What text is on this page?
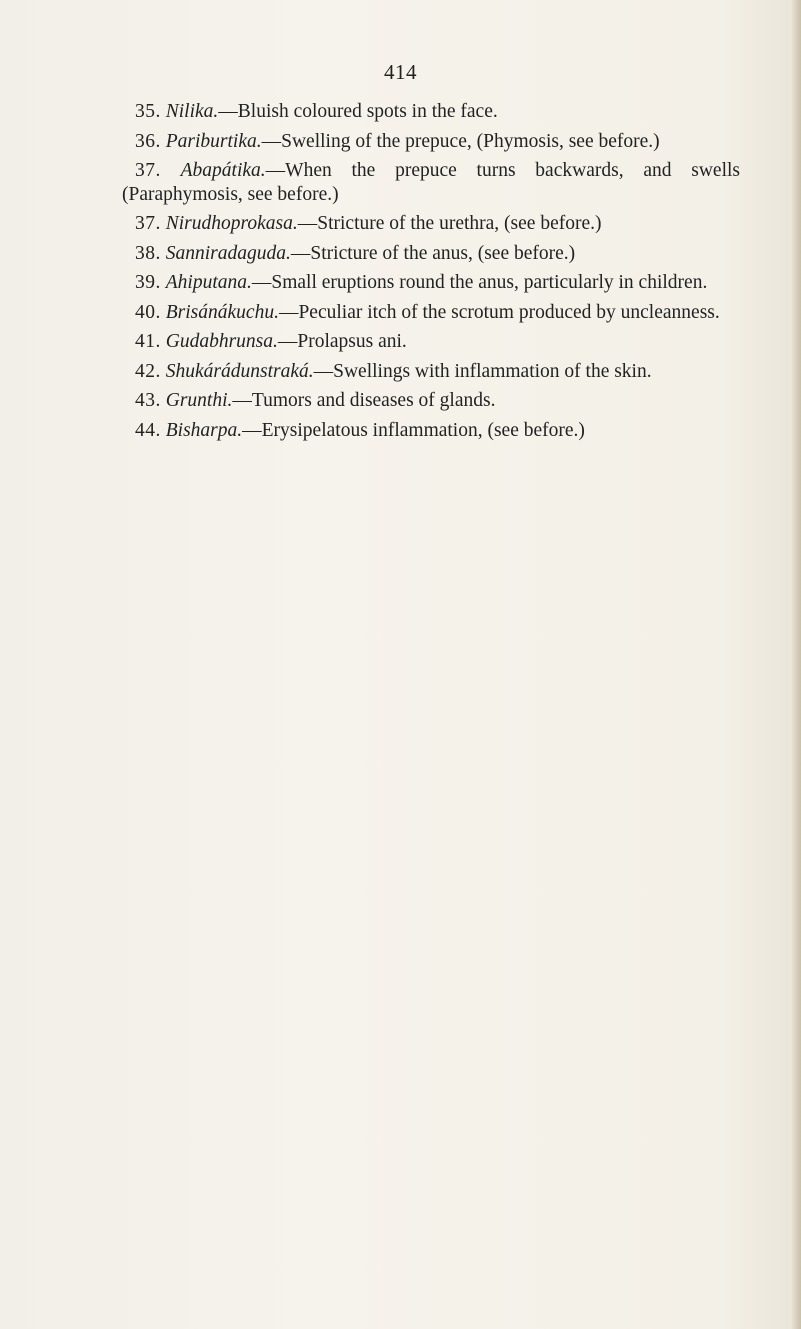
414

35. Nilika.—Bluish coloured spots in the face.

36. Pariburtika.—Swelling of the prepuce, (Phymosis, see before.)

37. Abapátika.—When the prepuce turns backwards, and swells (Paraphymosis, see before.)

37. Nirudhoprokasa.—Stricture of the urethra, (see before.)

38. Sanniradaguda.—Stricture of the anus, (see before.)

39. Ahiputana.—Small eruptions round the anus, particularly in children.

40. Brisánákuchu.—Peculiar itch of the scrotum produced by uncleanness.

41. Gudabhrunsa.—Prolapsus ani.

42. Shukárádunstraká.—Swellings with inflammation of the skin.

43. Grunthi.—Tumors and diseases of glands.

44. Bisharpa.—Erysipelatous inflammation, (see before.)
